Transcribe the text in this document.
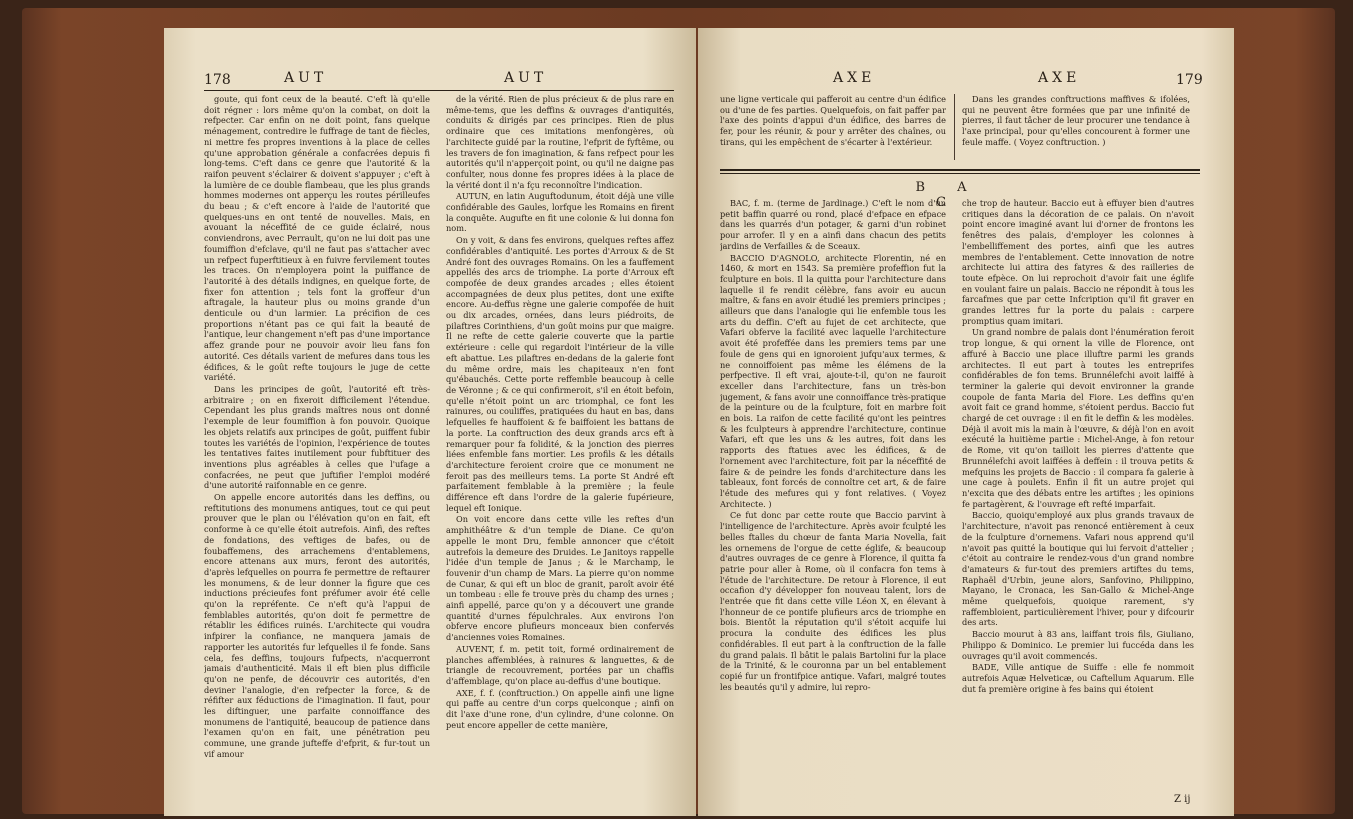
178	AUT	AUT

goute, qui font ceux de la beauté. C'eft là qu'elle doit régner : lors même qu'on la combat, on doit la refpecter. Car enfin on ne doit point, fans quelque ménagement, contredire le fuffrage de tant de fiècles, ni mettre fes propres inventions à la place de celles qu'une approbation générale a confacrées depuis fi long-tems. C'eft dans ce genre que l'autorité & la raifon peuvent s'éclairer & doivent s'appuyer ; c'eft à la lumière de ce double flambeau, que les plus grands hommes modernes ont apperçu les routes périlleufes du beau ; & c'eft encore à l'aide de l'autorité que quelques-uns en ont tenté de nouvelles. Mais, en avouant la néceffité de ce guide éclairé, nous conviendrons, avec Perrault, qu'on ne lui doit pas une foumiffion d'efclave, qu'il ne faut pas s'attacher avec un refpect fuperftitieux à en fuivre fervilement toutes les traces. On n'employera point la puiffance de l'autorité à des détails indignes, en quelque forte, de fixer fon attention ; tels font la groffeur d'un aftragale, la hauteur plus ou moins grande d'un denticule ou d'un larmier. La précifion de ces proportions n'étant pas ce qui fait la beauté de l'antique, leur changement n'eft pas d'une importance affez grande pour ne pouvoir avoir lieu fans fon autorité. Ces détails varient de mefures dans tous les édifices, & le goût refte toujours le juge de cette variété.

Dans les principes de goût, l'autorité eft très-arbitraire ; on en fixeroit difficilement l'étendue. Cependant les plus grands maîtres nous ont donné l'exemple de leur foumiffion à fon pouvoir. Quoique les objets relatifs aux principes de goût, puiffent fubir toutes les variétés de l'opinion, l'expérience de toutes les tentatives faites inutilement pour fubftituer des inventions plus agréables à celles que l'ufage a confacrées, ne peut que juftifier l'emploi modéré d'une autorité raifonnable en ce genre.

On appelle encore autorités dans les deffins, ou reftitutions des monumens antiques, tout ce qui peut prouver que le plan ou l'élévation qu'on en fait, eft conforme à ce qu'elle étoit autrefois. Ainfi, des reftes de fondations, des veftiges de bafes, ou de foubaffemens, des arrachemens d'entablemens, encore attenans aux murs, feront des autorités, d'après lefquelles on pourra fe permettre de reftaurer les monumens, & de leur donner la figure que ces inductions précieufes font préfumer avoir été celle qu'on la repréfente. Ce n'eft qu'à l'appui de femblables autorités, qu'on doit fe permettre de rétablir les édifices ruinés. L'architecte qui voudra infpirer la confiance, ne manquera jamais de rapporter les autorités fur lefquelles il fe fonde. Sans cela, fes deffins, toujours fufpects, n'acquerront jamais d'authenticité. Mais il eft bien plus difficile qu'on ne penfe, de découvrir ces autorités, d'en deviner l'analogie, d'en refpecter la force, & de réfifter aux féductions de l'imagination. Il faut, pour les diftinguer, une parfaite connoiffance des monumens de l'antiquité, beaucoup de patience dans l'examen qu'on en fait, une pénétration peu commune, une grande jufteffe d'efprit, & fur-tout un vif amour

de la vérité. Rien de plus précieux & de plus rare en même-tems, que les deffins & ouvrages d'antiquités, conduits & dirigés par ces principes. Rien de plus ordinaire que ces imitations menfongères, où l'architecte guidé par la routine, l'efprit de fyftême, ou les travers de fon imagination, & fans refpect pour les autorités qu'il n'apperçoit point, ou qu'il ne daigne pas confulter, nous donne fes propres idées à la place de la vérité dont il n'a fçu reconnoître l'indication.

AUTUN, en latin Auguftodunum, étoit déjà une ville confidérable des Gaules, lorfque les Romains en firent la conquête. Augufte en fit une colonie & lui donna fon nom.

On y voit, & dans fes environs, quelques reftes affez confidérables d'antiquité. Les portes d'Arroux & de St André font des ouvrages Romains. On les a fauffement appellés des arcs de triomphe. La porte d'Arroux eft compofée de deux grandes arcades ; elles étoient accompagnées de deux plus petites, dont une exifte encore. Au-deffus règne une galerie compofée de huit ou dix arcades, ornées, dans leurs piédroits, de pilaftres Corinthiens, d'un goût moins pur que maigre. Il ne refte de cette galerie couverte que la partie extérieure : celle qui regardoit l'intérieur de la ville eft abattue. Les pilaftres en-dedans de la galerie font du même ordre, mais les chapiteaux n'en font qu'ébauchés. Cette porte reffemble beaucoup à celle de Véronne ; & ce qui confirmeroit, s'il en étoit befoin, qu'elle n'étoit point un arc triomphal, ce font les rainures, ou couliffes, pratiquées du haut en bas, dans lefquelles fe hauffoient & fe baiffoient les battans de la porte. La conftruction des deux grands arcs eft à remarquer pour fa folidité, & la jonction des pierres liées enfemble fans mortier. Les profils & les détails d'architecture feroient croire que ce monument ne feroit pas des meilleurs tems. La porte St André eft parfaitement femblable à la première ; la feule différence eft dans l'ordre de la galerie fupérieure, lequel eft Ionique.

On voit encore dans cette ville les reftes d'un amphithéâtre & d'un temple de Diane. Ce qu'on appelle le mont Dru, femble annoncer que c'étoit autrefois la demeure des Druides. Le Janitoys rappelle l'idée d'un temple de Janus ; & le Marchamp, le fouvenir d'un champ de Mars. La pierre qu'on nomme de Cunar, & qui eft un bloc de granit, paroît avoir été un tombeau : elle fe trouve près du champ des urnes ; ainfi appellé, parce qu'on y a découvert une grande quantité d'urnes fépulchrales. Aux environs l'on obferve encore plufieurs monceaux bien confervés d'anciennes voies Romaines.

AUVENT, f. m. petit toit, formé ordinairement de planches affemblées, à rainures & languettes, & de triangle de recouvrement, portées par un chaffis d'affemblage, qu'on place au-deffus d'une boutique.

AXE, f. f. (conftruction.) On appelle ainfi une ligne qui paffe au centre d'un corps quelconque ; ainfi on dit l'axe d'une rone, d'un cylindre, d'une colonne. On peut encore appeller de cette manière,

AXE	AXE	179

une ligne verticale qui pafferoit au centre d'un édifice ou d'une de fes parties. Quelquefois, on fait paffer par l'axe des points d'appui d'un édifice, des barres de fer, pour les réunir, & pour y arrêter des chaînes, ou tirans, qui les empêchent de s'écarter à l'extérieur.

Dans les grandes conftructions maffives & ifolées, qui ne peuvent être formées que par une infinité de pierres, il faut tâcher de leur procurer une tendance à l'axe principal, pour qu'elles concourent à former une feule maffe. ( Voyez conftruction. )

B A C

BAC, f. m. (terme de Jardinage.) C'eft le nom d'un petit baffin quarré ou rond, placé d'efpace en efpace dans les quarrés d'un potager, & garni d'un robinet pour arrofer. Il y en a ainfi dans chacun des petits jardins de Verfailles & de Sceaux.

BACCIO D'AGNOLO, architecte Florentin, né en 1460, & mort en 1543. Sa première profeffion fut la fculpture en bois. Il la quitta pour l'architecture dans laquelle il fe rendit célèbre, fans avoir eu aucun maître, & fans en avoir étudié les premiers principes ; ailleurs que dans l'analogie qui lie enfemble tous les arts du deffin. C'eft au fujet de cet architecte, que Vafari obferve la facilité avec laquelle l'architecture avoit été profeffée dans les premiers tems par une foule de gens qui en ignoroient jufqu'aux termes, & ne connoiffoient pas même les élémens de la perfpective. Il eft vrai, ajoute-t-il, qu'on ne fauroit exceller dans l'architecture, fans un très-bon jugement, & fans avoir une connoiffance très-pratique de la peinture ou de la fculpture, foit en marbre foit en bois. La raifon de cette facilité qu'ont les peintres & les fculpteurs à apprendre l'architecture, continue Vafari, eft que les uns & les autres, foit dans les rapports des ftatues avec les édifices, & de l'ornement avec l'architecture, foit par la néceffité de faire & de peindre les fonds d'architecture dans les tableaux, font forcés de connoître cet art, & de faire l'étude des mefures qui y font relatives. ( Voyez Architecte. )

Ce fut donc par cette route que Baccio parvint à l'intelligence de l'architecture. Après avoir fculpté les belles ftalles du chœur de fanta Maria Novella, fait les ornemens de l'orgue de cette églife, & beaucoup d'autres ouvrages de ce genre à Florence, il quitta fa patrie pour aller à Rome, où il confacra fon tems à l'étude de l'architecture. De retour à Florence, il eut occafion d'y développer fon nouveau talent, lors de l'entrée que fit dans cette ville Léon X, en élevant à l'honneur de ce pontife plufieurs arcs de triomphe en bois. Bientôt la réputation qu'il s'étoit acquife lui procura la conduite des édifices les plus confidérables. Il eut part à la conftruction de la falle du grand palais. Il bâtit le palais Bartolini fur la place de la Trinité, & le couronna par un bel entablement copié fur un frontifpice antique. Vafari, malgré toutes les beautés qu'il y admire, lui repro-

che trop de hauteur. Baccio eut à effuyer bien d'autres critiques dans la décoration de ce palais. On n'avoit point encore imaginé avant lui d'orner de frontons les fenêtres des palais, d'employer les colonnes à l'embelliffement des portes, ainfi que les autres membres de l'entablement. Cette innovation de notre architecte lui attira des fatyres & des railleries de toute efpèce. On lui reprochoit d'avoir fait une églife en voulant faire un palais. Baccio ne répondit à tous les farcafmes que par cette Infcription qu'il fit graver en grandes lettres fur la porte du palais : carpere promptius quam imitari.

Un grand nombre de palais dont l'énumération feroit trop longue, & qui ornent la ville de Florence, ont affuré à Baccio une place illuftre parmi les grands architectes. Il eut part à toutes les entreprifes confidérables de fon tems. Brunnélefchi avoit laiffé à terminer la galerie qui devoit environner la grande coupole de fanta Maria del Fiore. Les deffins qu'en avoit fait ce grand homme, s'étoient perdus. Baccio fut chargé de cet ouvrage : il en fit le deffin & les modèles. Déjà il avoit mis la main à l'œuvre, & déjà l'on en avoit exécuté la huitième partie : Michel-Ange, à fon retour de Rome, vit qu'on tailloit les pierres d'attente que Brunnélefchi avoit laiffées à deffein : il trouva petits & mefquins les projets de Baccio : il compara fa galerie à une cage à poulets. Enfin il fit un autre projet qui n'excita que des débats entre les artiftes ; les opinions fe partagèrent, & l'ouvrage eft refté imparfait.

Baccio, quoiqu'employé aux plus grands travaux de l'architecture, n'avoit pas renoncé entièrement à ceux de la fculpture d'ornemens. Vafari nous apprend qu'il n'avoit pas quitté la boutique qui lui fervoit d'attelier ; c'étoit au contraire le rendez-vous d'un grand nombre d'amateurs & fur-tout des premiers artiftes du tems, Raphaël d'Urbin, jeune alors, Sanfovino, Philippino, Mayano, le Cronaca, les San-Gallo & Michel-Ange même quelquefois, quoique rarement, s'y raffembloient, particulièrement l'hiver, pour y difcourir des arts.

Baccio mourut à 83 ans, laiffant trois fils, Giuliano, Philippo & Dominico. Le premier lui fuccéda dans les ouvrages qu'il avoit commencés.

BADE, Ville antique de Suiffe : elle fe nommoit autrefois Aquæ Helveticæ, ou Caftellum Aquarum. Elle dut fa première origine à fes bains qui étoient

Z ij
